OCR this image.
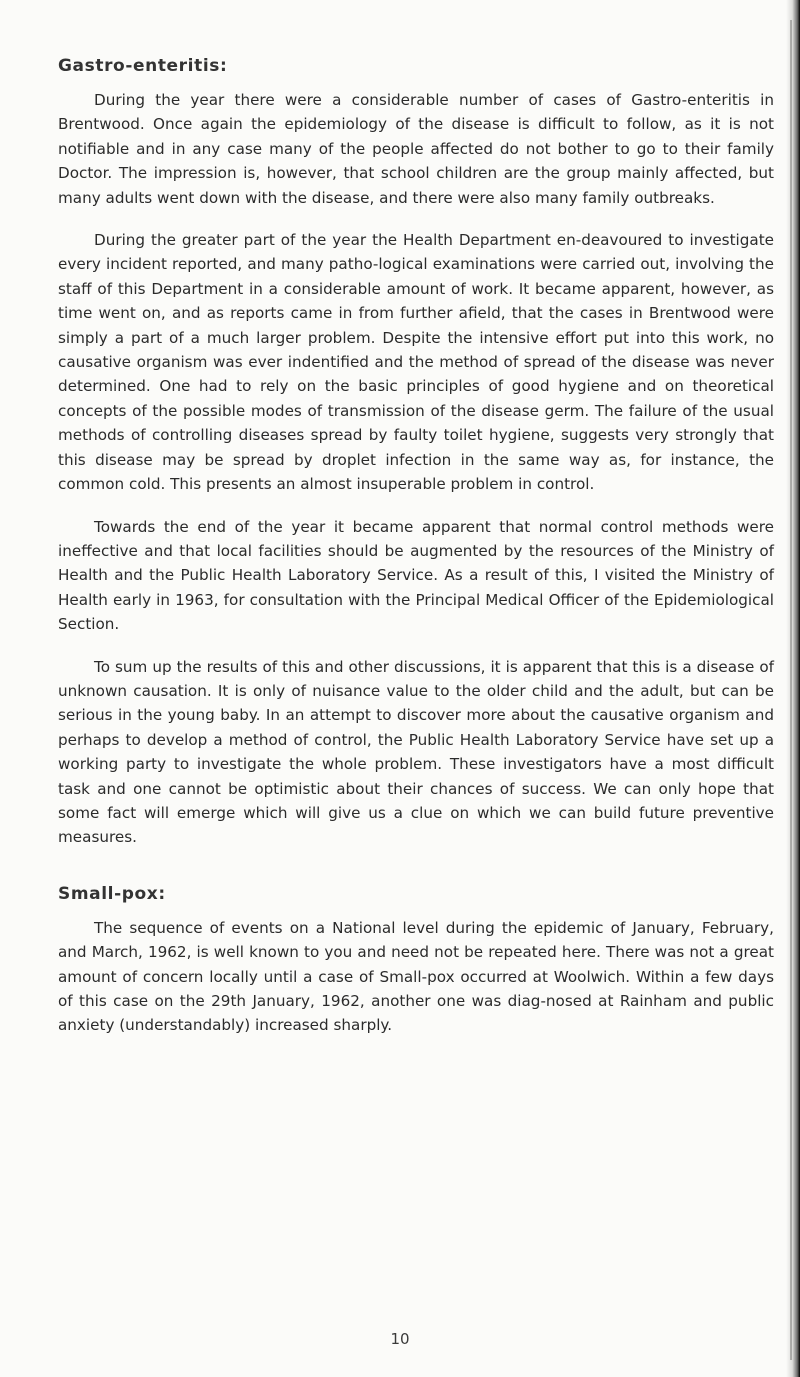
Gastro-enteritis:

During the year there were a considerable number of cases of Gastro-enteritis in Brentwood. Once again the epidemiology of the disease is difficult to follow, as it is not notifiable and in any case many of the people affected do not bother to go to their family Doctor. The impression is, however, that school children are the group mainly affected, but many adults went down with the disease, and there were also many family outbreaks.

During the greater part of the year the Health Department en-deavoured to investigate every incident reported, and many patho-logical examinations were carried out, involving the staff of this Department in a considerable amount of work. It became apparent, however, as time went on, and as reports came in from further afield, that the cases in Brentwood were simply a part of a much larger problem. Despite the intensive effort put into this work, no causative organism was ever indentified and the method of spread of the disease was never determined. One had to rely on the basic principles of good hygiene and on theoretical concepts of the possible modes of transmission of the disease germ. The failure of the usual methods of controlling diseases spread by faulty toilet hygiene, suggests very strongly that this disease may be spread by droplet infection in the same way as, for instance, the common cold. This presents an almost insuperable problem in control.

Towards the end of the year it became apparent that normal control methods were ineffective and that local facilities should be augmented by the resources of the Ministry of Health and the Public Health Laboratory Service. As a result of this, I visited the Ministry of Health early in 1963, for consultation with the Principal Medical Officer of the Epidemiological Section.

To sum up the results of this and other discussions, it is apparent that this is a disease of unknown causation. It is only of nuisance value to the older child and the adult, but can be serious in the young baby. In an attempt to discover more about the causative organism and perhaps to develop a method of control, the Public Health Laboratory Service have set up a working party to investigate the whole problem. These investigators have a most difficult task and one cannot be optimistic about their chances of success. We can only hope that some fact will emerge which will give us a clue on which we can build future preventive measures.

Small-pox:

The sequence of events on a National level during the epidemic of January, February, and March, 1962, is well known to you and need not be repeated here. There was not a great amount of concern locally until a case of Small-pox occurred at Woolwich. Within a few days of this case on the 29th January, 1962, another one was diag-nosed at Rainham and public anxiety (understandably) increased sharply.

10
